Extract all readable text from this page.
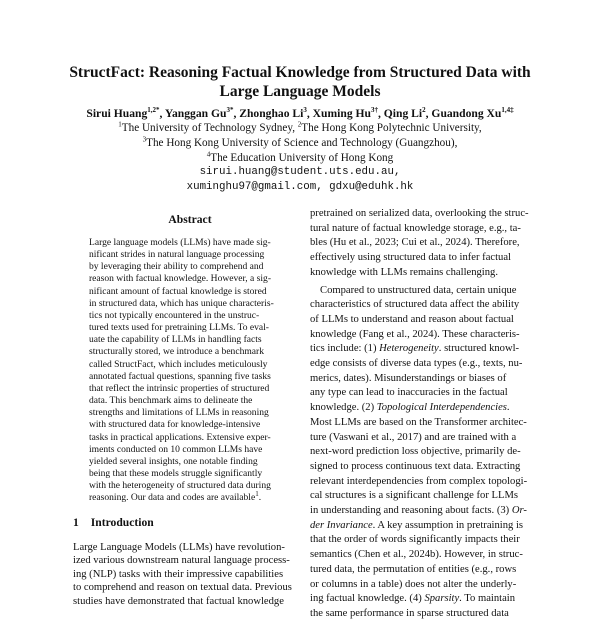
StructFact: Reasoning Factual Knowledge from Structured Data with
Large Language Models
Sirui Huang$^{1,2*}$, Yanggan $Gu^{3*}$, Zhonghao Li$^3$, Xuming $Hu^{3\dagger}$, Qing Li$^2$, Guandong $Xu^{1,4\ddagger}$
$^1$The University of Technology Sydney, $^2$The Hong Kong Polytechnic University,
$^3$The Hong Kong University of Science and Technology (Guangzhou),
$^4$The Education University of Hong Kong
sirui.huang@student.uts.edu.au,
xuminghu97@gmail.com, gdxu@eduhk.hk
Abstract
Large language models (LLMs) have made sig-
nificant strides in natural language processing
by leveraging their ability to comprehend and
reason with factual knowledge. However, a sig-
nificant amount of factual knowledge is stored
in structured data, which has unique characteris-
tics not typically encountered in the unstruc-
tured texts used for pretraining LLMs. To eval-
uate the capability of LLMs in handling facts
structurally stored, we introduce a benchmark
called StructFact, which includes meticulously
annotated factual questions, spanning five tasks
that reflect the intrinsic properties of structured
data. This benchmark aims to delineate the
strengths and limitations of LLMs in reasoning
with structured data for knowledge-intensive
tasks in practical applications. Extensive exper-
iments conducted on 10 common LLMs have
yielded several insights, one notable finding
being that these models struggle significantly
with the heterogeneity of structured data during
reasoning. Our data and codes are available$^1$.
1 Introduction
Large Language Models (LLMs) have revolution-
ized various downstream natural language process-
ing (NLP) tasks with their impressive capabilities
to comprehend and reason on textual data. Previous
studies have demonstrated that factual knowledge
pretrained on serialized data, overlooking the struc-
tural nature of factual knowledge storage, e.g., ta-
bles (Hu et al., 2023; Cui et al., 2024). Therefore,
effectively using structured data to infer factual
knowledge with LLMs remains challenging.
Compared to unstructured data, certain unique
characteristics of structured data affect the ability
of LLMs to understand and reason about factual
knowledge (Fang et al., 2024). These characteris-
tics include: (1) Heterogeneity. structured knowl-
edge consists of diverse data types (e.g., texts, nu-
merics, dates). Misunderstandings or biases of
any type can lead to inaccuracies in the factual
knowledge. (2) Topological Interdependencies.
Most LLMs are based on the Transformer architec-
ture (Vaswani et al., 2017) and are trained with a
next-word prediction loss objective, primarily de-
signed to process continuous text data. Extracting
relevant interdependencies from complex topologi-
cal structures is a significant challenge for LLMs
in understanding and reasoning about facts. (3) Or-
der Invariance. A key assumption in pretraining is
that the order of words significantly impacts their
semantics (Chen et al., 2024b). However, in struc-
tured data, the permutation of entities (e.g., rows
or columns in a table) does not alter the underly-
ing factual knowledge. (4) Sparsity. To maintain
the same performance in sparse structured data
